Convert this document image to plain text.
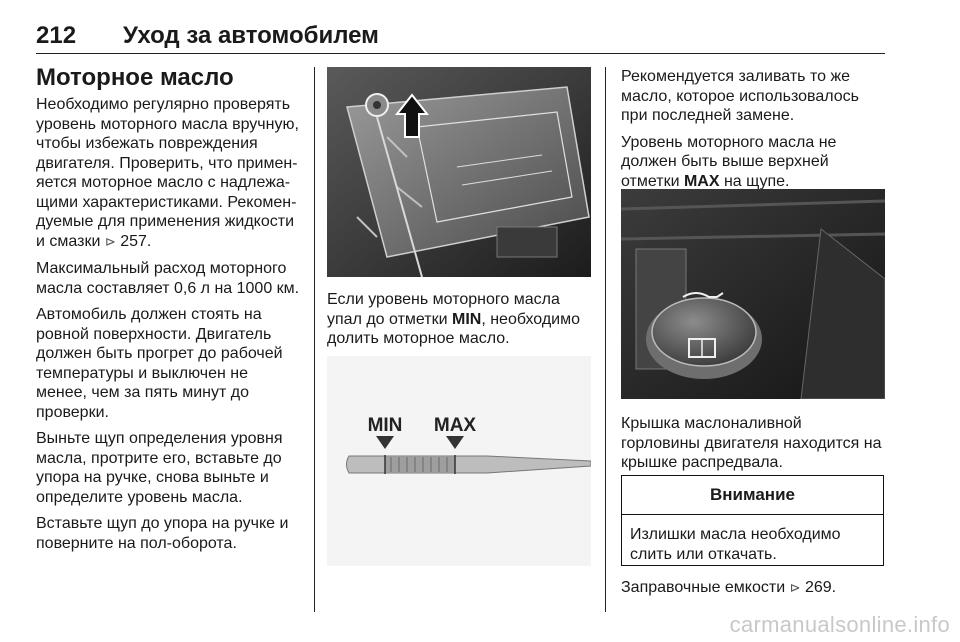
212 Уход за автомобилем
Моторное масло

Необходимо регулярно проверять уровень моторного масла вручную, чтобы избежать повреждения двигателя. Проверить, что примен-яется моторное масло с надлежа-щими характеристиками. Рекомен-дуемые для применения жидкости и смазки ⊳ 257.

Максимальный расход моторного масла составляет 0,6 л на 1000 км.

Автомобиль должен стоять на ровной поверхности. Двигатель должен быть прогрет до рабочей температуры и выключен не менее, чем за пять минут до проверки.

Выньте щуп определения уровня масла, протрите его, вставьте до упора на ручке, снова выньте и определите уровень масла.

Вставьте щуп до упора на ручке и поверните на пол-оборота.

Если уровень моторного масла упал до отметки MIN, необходимо долить моторное масло.

MIN MAX

Рекомендуется заливать то же масло, которое использовалось при последней замене.

Уровень моторного масла не должен быть выше верхней отметки MAX на щупе.

Крышка маслоналивной горловины двигателя находится на крышке распредвала.

Внимание
Излишки масла необходимо слить или откачать.

Заправочные емкости ⊳ 269.

carmanualsonline.info
